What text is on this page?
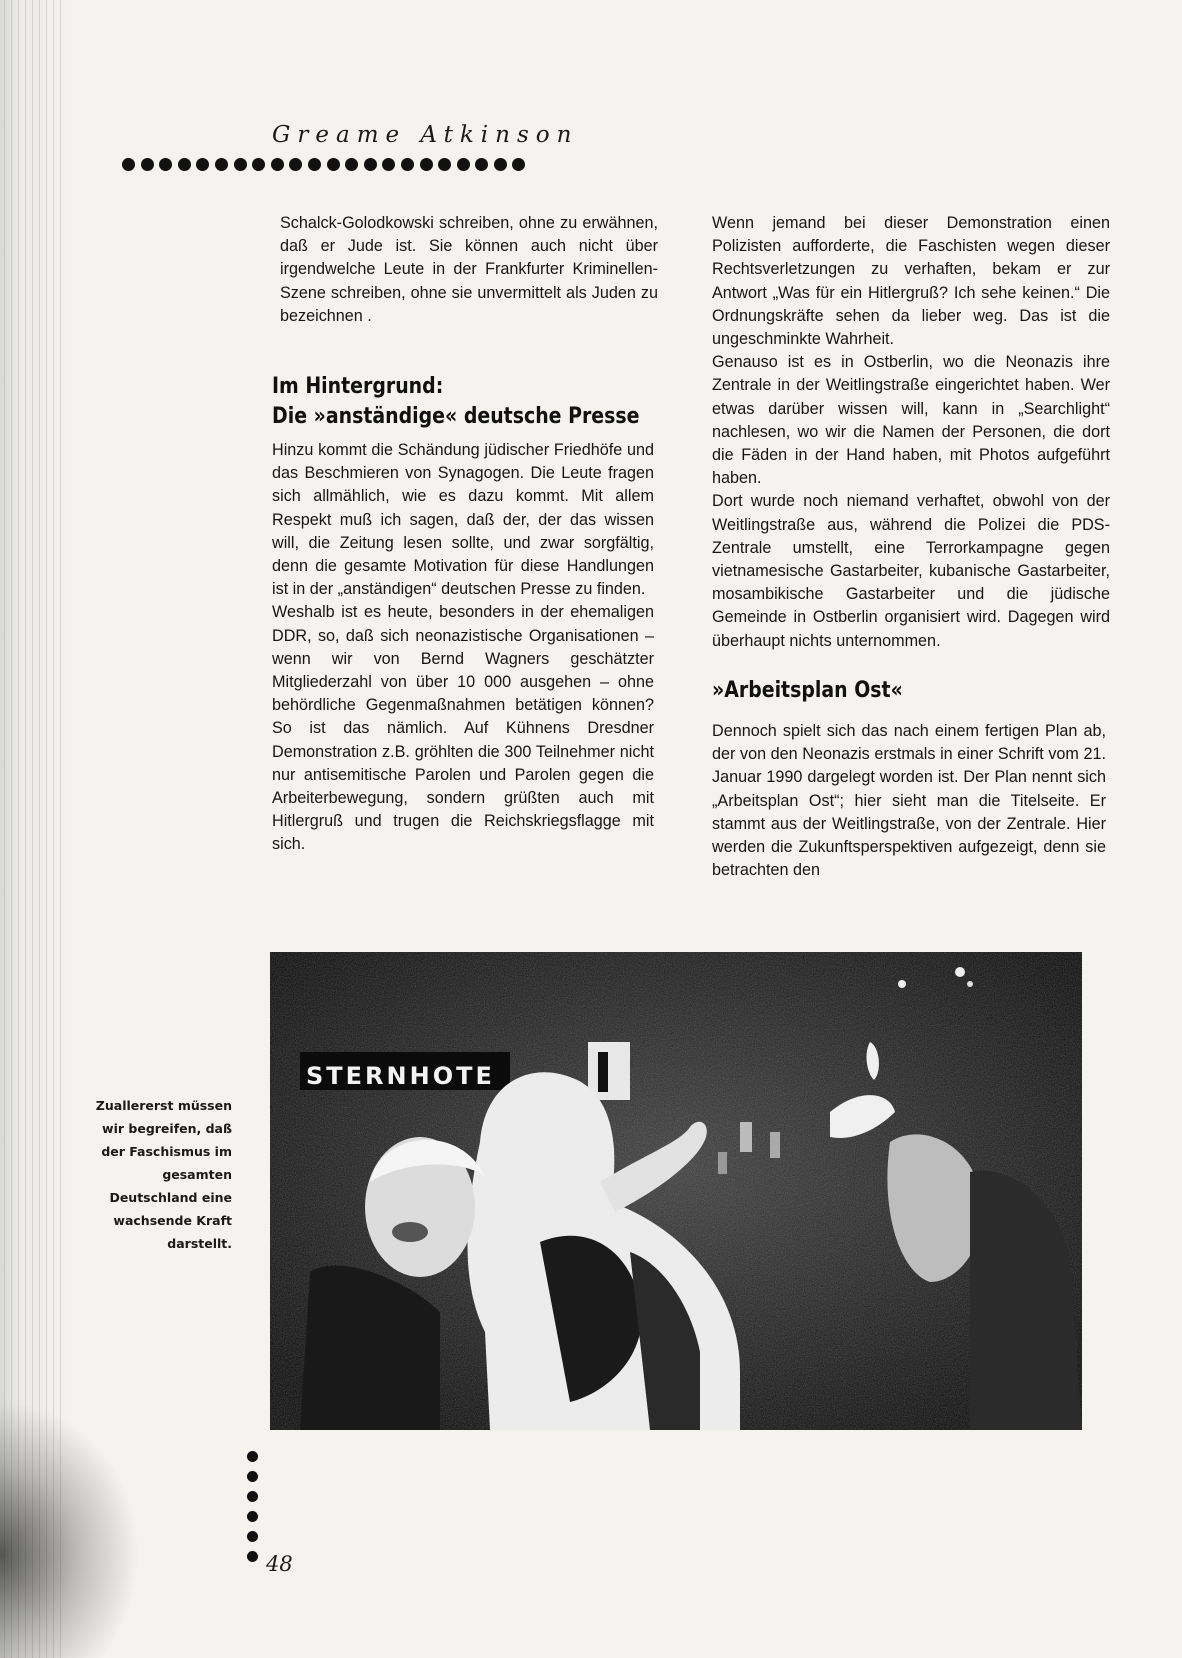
Greame Atkinson

Schalck-Golodkowski schreiben, ohne zu erwähnen, daß er Jude ist. Sie können auch nicht über irgendwelche Leute in der Frankfurter Kriminellen-Szene schreiben, ohne sie unvermittelt als Juden zu bezeichnen .

Im Hintergrund:
Die »anständige« deutsche Presse

Hinzu kommt die Schändung jüdischer Friedhöfe und das Beschmieren von Synagogen. Die Leute fragen sich allmählich, wie es dazu kommt. Mit allem Respekt muß ich sagen, daß der, der das wissen will, die Zeitung lesen sollte, und zwar sorgfältig, denn die gesamte Motivation für diese Handlungen ist in der „anständigen“ deutschen Presse zu finden.

Weshalb ist es heute, besonders in der ehemaligen DDR, so, daß sich neonazistische Organisationen – wenn wir von Bernd Wagners geschätzter Mitgliederzahl von über 10 000 ausgehen – ohne behördliche Gegenmaßnahmen betätigen können? So ist das nämlich. Auf Kühnens Dresdner Demonstration z.B. gröhlten die 300 Teilnehmer nicht nur antisemitische Parolen und Parolen gegen die Arbeiterbewegung, sondern grüßten auch mit Hitlergruß und trugen die Reichskriegsflagge mit sich.

Wenn jemand bei dieser Demonstration einen Polizisten aufforderte, die Faschisten wegen dieser Rechtsverletzungen zu verhaften, bekam er zur Antwort „Was für ein Hitlergruß? Ich sehe keinen.“ Die Ordnungskräfte sehen da lieber weg. Das ist die ungeschminkte Wahrheit.

Genauso ist es in Ostberlin, wo die Neonazis ihre Zentrale in der Weitlingstraße eingerichtet haben. Wer etwas darüber wissen will, kann in „Searchlight“ nachlesen, wo wir die Namen der Personen, die dort die Fäden in der Hand haben, mit Photos aufgeführt haben.

Dort wurde noch niemand verhaftet, obwohl von der Weitlingstraße aus, während die Polizei die PDS-Zentrale umstellt, eine Terrorkampagne gegen vietnamesische Gastarbeiter, kubanische Gastarbeiter, mosambikische Gastarbeiter und die jüdische Gemeinde in Ostberlin organisiert wird. Dagegen wird überhaupt nichts unternommen.

»Arbeitsplan Ost«

Dennoch spielt sich das nach einem fertigen Plan ab, der von den Neonazis erstmals in einer Schrift vom 21. Januar 1990 dargelegt worden ist. Der Plan nennt sich „Arbeitsplan Ost“; hier sieht man die Titelseite. Er stammt aus der Weitlingstraße, von der Zentrale. Hier werden die Zukunftsperspektiven aufgezeigt, denn sie betrachten den

STERNHOTE
Zuallererst müssen wir begreifen, daß der Faschismus im gesamten Deutschland eine wachsende Kraft darstellt.
48
